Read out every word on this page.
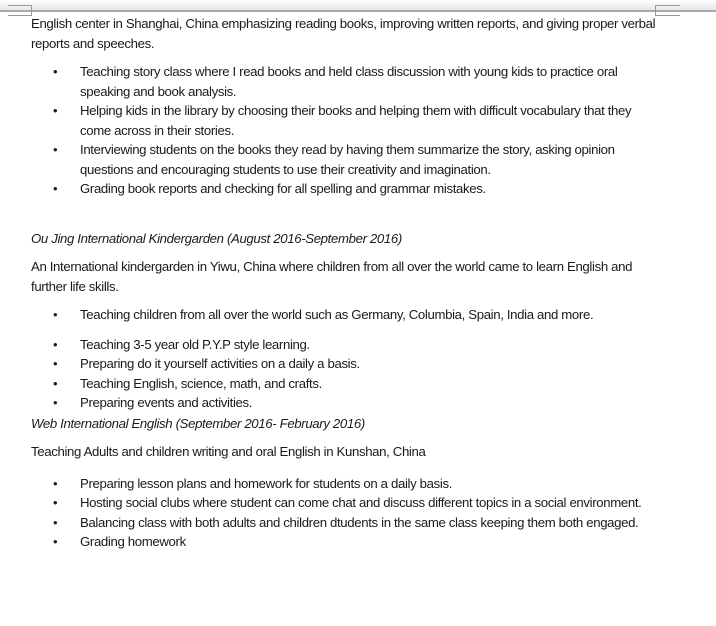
English center in Shanghai, China emphasizing reading books, improving written reports, and giving proper verbal reports and speeches.

• Teaching story class where I read books and held class discussion with young kids to practice oral speaking and book analysis.
• Helping kids in the library by choosing their books and helping them with difficult vocabulary that they come across in their stories.
• Interviewing students on the books they read by having them summarize the story, asking opinion questions and encouraging students to use their creativity and imagination.
• Grading book reports and checking for all spelling and grammar mistakes.

Ou Jing International Kindergarden (August 2016-September 2016)

An International kindergarden in Yiwu, China where children from all over the world came to learn English and further life skills.

• Teaching children from all over the world such as Germany, Columbia, Spain, India and more.
• Teaching 3-5 year old P.Y.P style learning.
• Preparing do it yourself activities on a daily a basis.
• Teaching English, science, math, and crafts.
• Preparing events and activities.

Web International English (September 2016- February 2016)

Teaching Adults and children writing and oral English in Kunshan, China

• Preparing lesson plans and homework for students on a daily basis.
• Hosting social clubs where student can come chat and discuss different topics in a social environment.
• Balancing class with both adults and children dtudents in the same class keeping them both engaged.
• Grading homework
